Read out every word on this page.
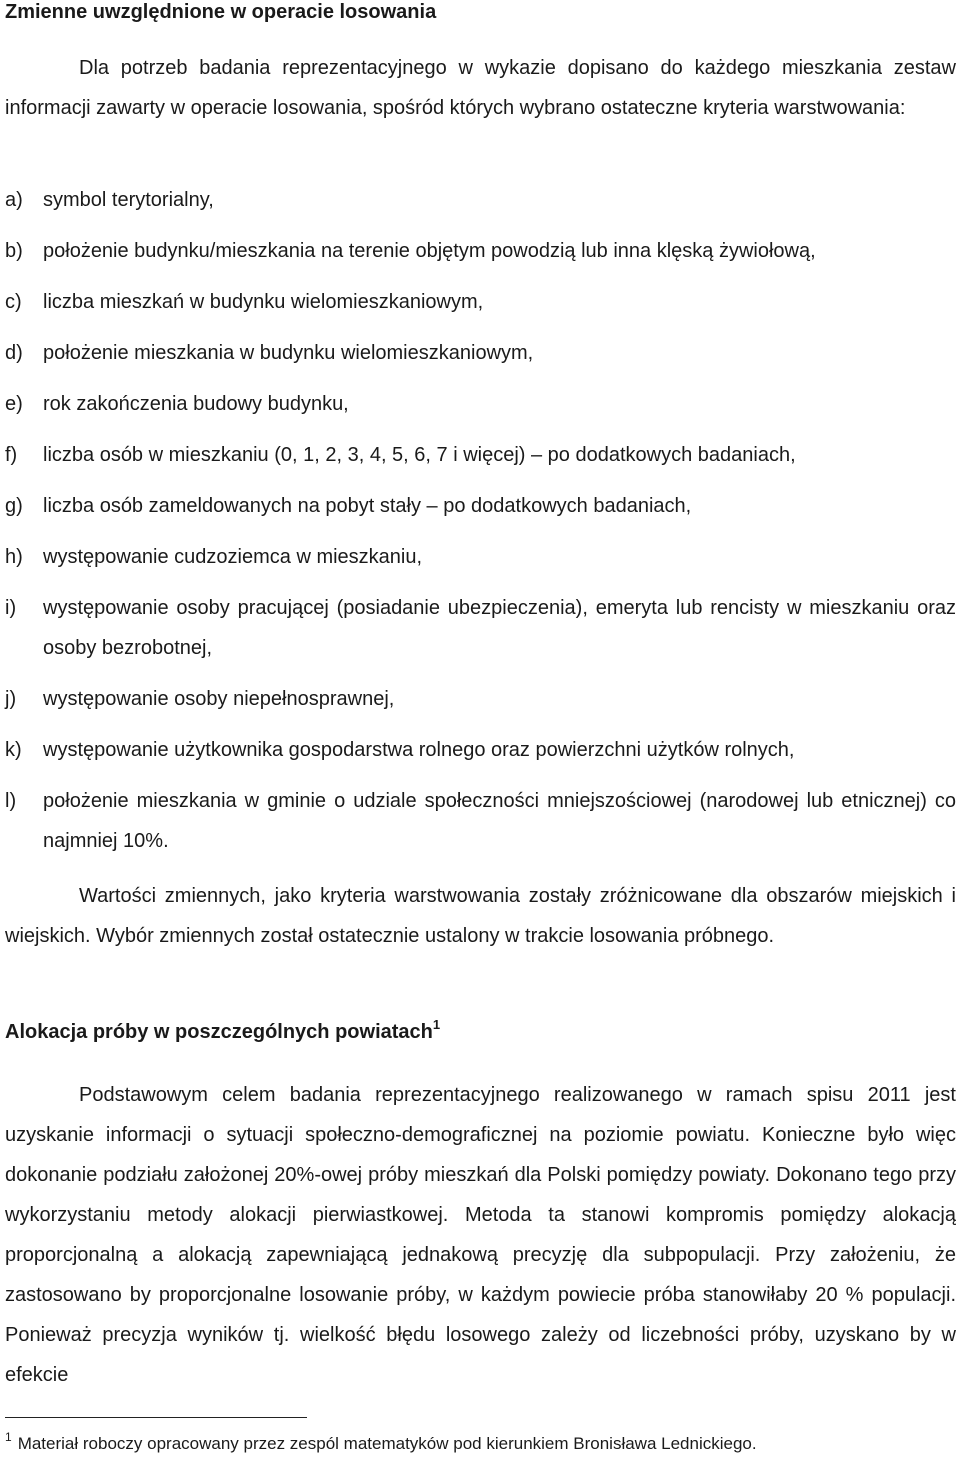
Zmienne uwzględnione w operacie losowania

Dla potrzeb badania reprezentacyjnego w wykazie dopisano do każdego mieszkania zestaw informacji zawarty w operacie losowania, spośród których wybrano ostateczne kryteria warstwowania:

a) symbol terytorialny,
b) położenie budynku/mieszkania na terenie objętym powodzią lub inna klęską żywiołową,
c) liczba mieszkań w budynku wielomieszkaniowym,
d) położenie mieszkania w budynku wielomieszkaniowym,
e) rok zakończenia budowy budynku,
f) liczba osób w mieszkaniu (0, 1, 2, 3, 4, 5, 6, 7 i więcej) – po dodatkowych badaniach,
g) liczba osób zameldowanych na pobyt stały – po dodatkowych badaniach,
h) występowanie cudzoziemca w mieszkaniu,
i) występowanie osoby pracującej (posiadanie ubezpieczenia), emeryta lub rencisty w mieszkaniu oraz osoby bezrobotnej,
j) występowanie osoby niepełnosprawnej,
k) występowanie użytkownika gospodarstwa rolnego oraz powierzchni użytków rolnych,
l) położenie mieszkania w gminie o udziale społeczności mniejszościowej (narodowej lub etnicznej) co najmniej 10%.

Wartości zmiennych, jako kryteria warstwowania zostały zróżnicowane dla obszarów miejskich i wiejskich. Wybór zmiennych został ostatecznie ustalony w trakcie losowania próbnego.

Alokacja próby w poszczególnych powiatach$^1$

Podstawowym celem badania reprezentacyjnego realizowanego w ramach spisu 2011 jest uzyskanie informacji o sytuacji społeczno-demograficznej na poziomie powiatu. Konieczne było więc dokonanie podziału założonej 20%-owej próby mieszkań dla Polski pomiędzy powiaty. Dokonano tego przy wykorzystaniu metody alokacji pierwiastkowej. Metoda ta stanowi kompromis pomiędzy alokacją proporcjonalną a alokacją zapewniającą jednakową precyzję dla subpopulacji. Przy założeniu, że zastosowano by proporcjonalne losowanie próby, w każdym powiecie próba stanowiłaby 20 % populacji. Ponieważ precyzja wyników tj. wielkość błędu losowego zależy od liczebności próby, uzyskano by w efekcie

$^1$ Materiał roboczy opracowany przez zespól matematyków pod kierunkiem Bronisława Lednickiego.
